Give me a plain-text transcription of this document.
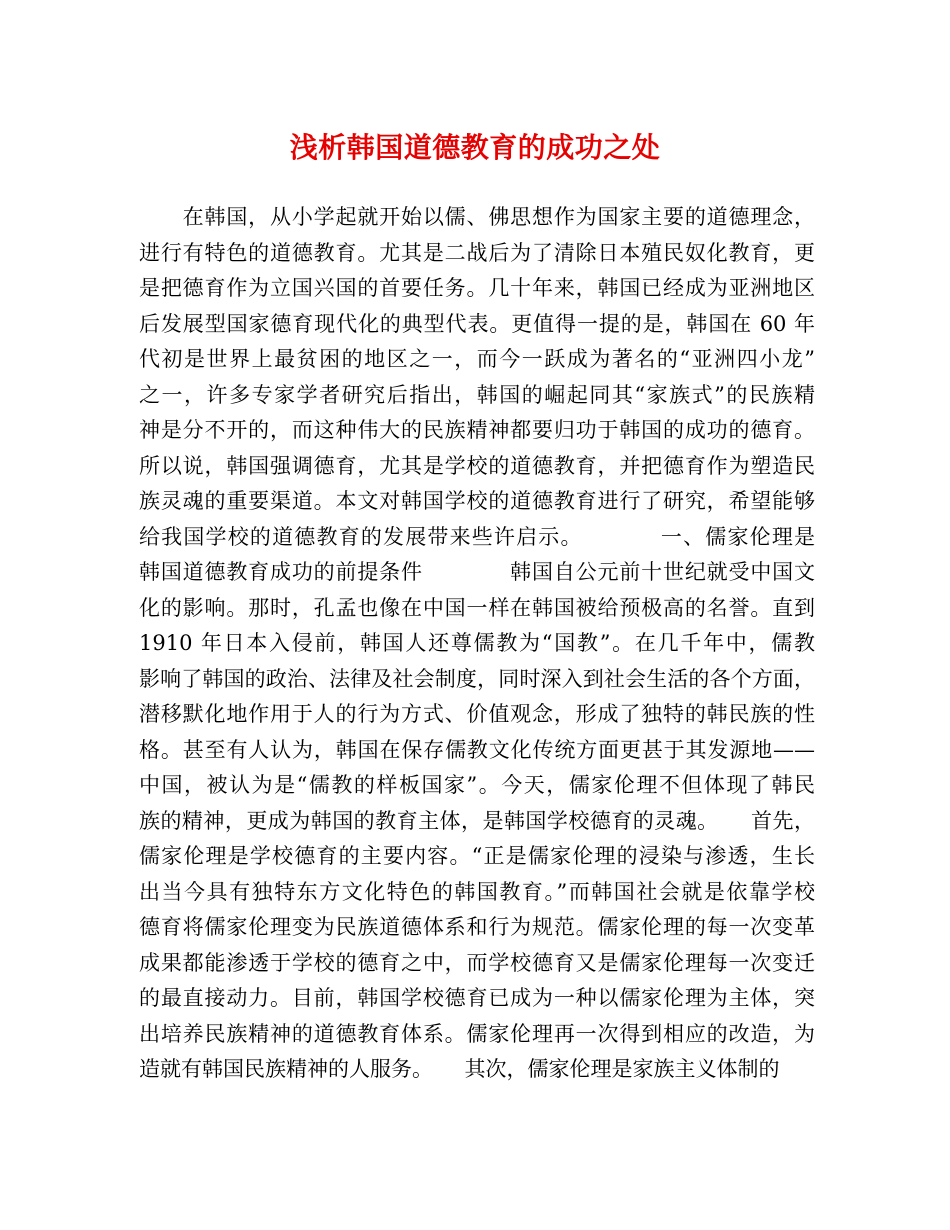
浅析韩国道德教育的成功之处
　　在韩国，从小学起就开始以儒、佛思想作为国家主要的道德理念，
进行有特色的道德教育。尤其是二战后为了清除日本殖民奴化教育，更
是把德育作为立国兴国的首要任务。几十年来，韩国已经成为亚洲地区
后发展型国家德育现代化的典型代表。更值得一提的是，韩国在 60 年
代初是世界上最贫困的地区之一，而今一跃成为著名的“亚洲四小龙”
之一，许多专家学者研究后指出，韩国的崛起同其“家族式”的民族精
神是分不开的，而这种伟大的民族精神都要归功于韩国的成功的德育。
所以说，韩国强调德育，尤其是学校的道德教育，并把德育作为塑造民
族灵魂的重要渠道。本文对韩国学校的道德教育进行了研究，希望能够
给我国学校的道德教育的发展带来些许启示。　　　　一、儒家伦理是
韩国道德教育成功的前提条件　　　　韩国自公元前十世纪就受中国文
化的影响。那时，孔孟也像在中国一样在韩国被给预极高的名誉。直到
1910 年日本入侵前，韩国人还尊儒教为“国教”。在几千年中，儒教
影响了韩国的政治、法律及社会制度，同时深入到社会生活的各个方面，
潜移默化地作用于人的行为方式、价值观念，形成了独特的韩民族的性
格。甚至有人认为，韩国在保存儒教文化传统方面更甚于其发源地——
中国，被认为是“儒教的样板国家”。今天，儒家伦理不但体现了韩民
族的精神，更成为韩国的教育主体，是韩国学校德育的灵魂。　　首先，
儒家伦理是学校德育的主要内容。“正是儒家伦理的浸染与渗透，生长
出当今具有独特东方文化特色的韩国教育。”而韩国社会就是依靠学校
德育将儒家伦理变为民族道德体系和行为规范。儒家伦理的每一次变革
成果都能渗透于学校的德育之中，而学校德育又是儒家伦理每一次变迁
的最直接动力。目前，韩国学校德育已成为一种以儒家伦理为主体，突
出培养民族精神的道德教育体系。儒家伦理再一次得到相应的改造，为
造就有韩国民族精神的人服务。　　其次，儒家伦理是家族主义体制的
